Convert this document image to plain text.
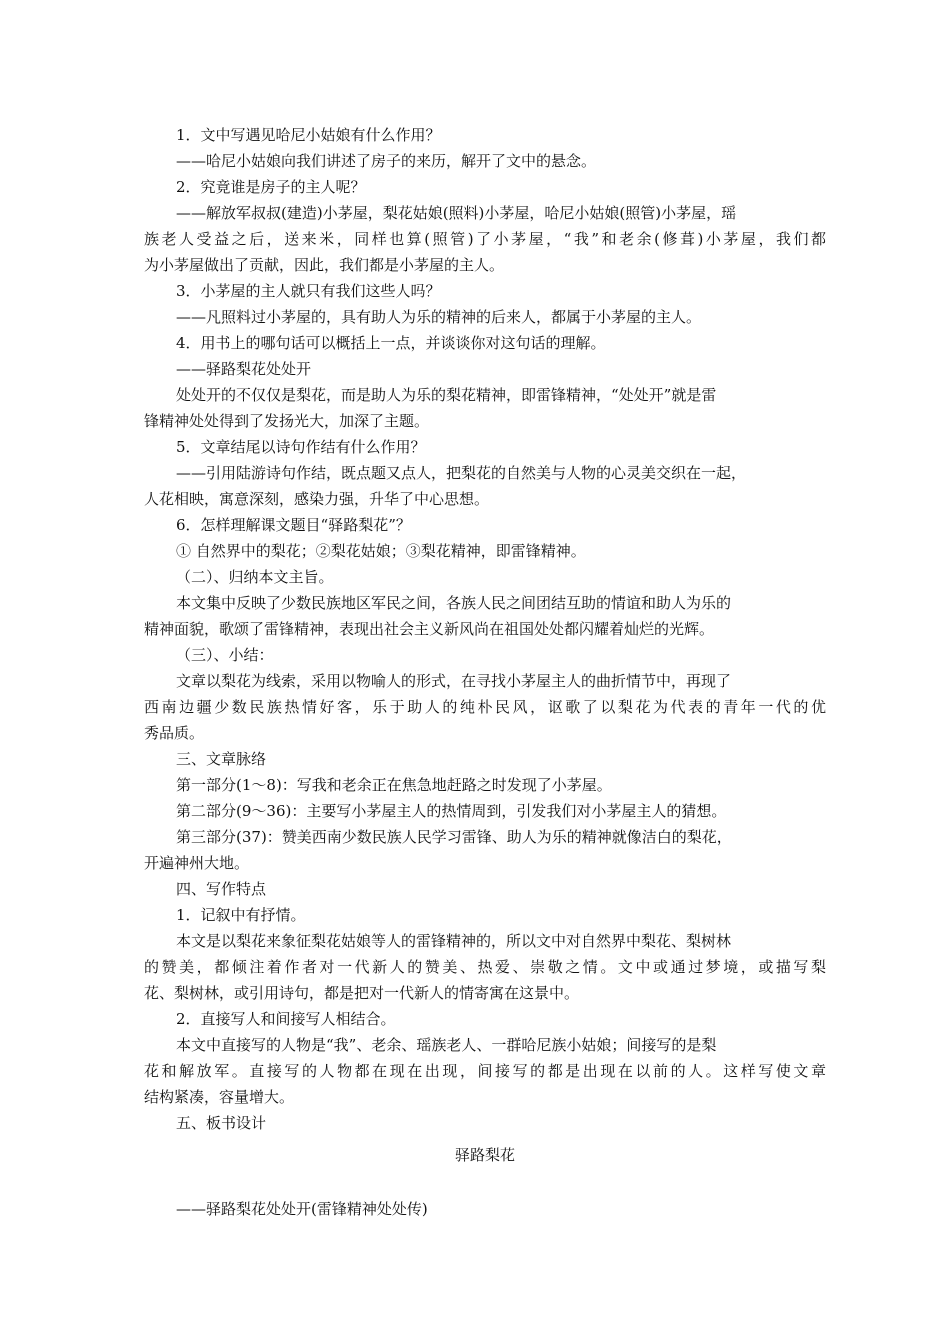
1．文中写遇见哈尼小姑娘有什么作用？
——哈尼小姑娘向我们讲述了房子的来历，解开了文中的悬念。
2．究竟谁是房子的主人呢？
——解放军叔叔(建造)小茅屋，梨花姑娘(照料)小茅屋，哈尼小姑娘(照管)小茅屋，瑶
族老人受益之后，送来米，同样也算(照管)了小茅屋，“我”和老余(修葺)小茅屋，我们都
为小茅屋做出了贡献，因此，我们都是小茅屋的主人。
3．小茅屋的主人就只有我们这些人吗？
——凡照料过小茅屋的，具有助人为乐的精神的后来人，都属于小茅屋的主人。
4．用书上的哪句话可以概括上一点，并谈谈你对这句话的理解。
——驿路梨花处处开
处处开的不仅仅是梨花，而是助人为乐的梨花精神，即雷锋精神，“处处开”就是雷
锋精神处处得到了发扬光大，加深了主题。
5．文章结尾以诗句作结有什么作用？
——引用陆游诗句作结，既点题又点人，把梨花的自然美与人物的心灵美交织在一起，
人花相映，寓意深刻，感染力强，升华了中心思想。
6．怎样理解课文题目“驿路梨花”？
① 自然界中的梨花；②梨花姑娘；③梨花精神，即雷锋精神。
（二）、归纳本文主旨。
本文集中反映了少数民族地区军民之间，各族人民之间团结互助的情谊和助人为乐的
精神面貌，歌颂了雷锋精神，表现出社会主义新风尚在祖国处处都闪耀着灿烂的光辉。
（三）、小结：
文章以梨花为线索，采用以物喻人的形式，在寻找小茅屋主人的曲折情节中，再现了
西南边疆少数民族热情好客，乐于助人的纯朴民风，讴歌了以梨花为代表的青年一代的优
秀品质。
三、文章脉络
第一部分(1～8)：写我和老余正在焦急地赶路之时发现了小茅屋。
第二部分(9～36)：主要写小茅屋主人的热情周到，引发我们对小茅屋主人的猜想。
第三部分(37)：赞美西南少数民族人民学习雷锋、助人为乐的精神就像洁白的梨花，
开遍神州大地。
四、写作特点
1．记叙中有抒情。
本文是以梨花来象征梨花姑娘等人的雷锋精神的，所以文中对自然界中梨花、梨树林
的赞美，都倾注着作者对一代新人的赞美、热爱、崇敬之情。文中或通过梦境，或描写梨
花、梨树林，或引用诗句，都是把对一代新人的情寄寓在这景中。
2．直接写人和间接写人相结合。
本文中直接写的人物是“我”、老余、瑶族老人、一群哈尼族小姑娘；间接写的是梨
花和解放军。直接写的人物都在现在出现，间接写的都是出现在以前的人。这样写使文章
结构紧凑，容量增大。
五、板书设计
驿路梨花
——驿路梨花处处开(雷锋精神处处传)
